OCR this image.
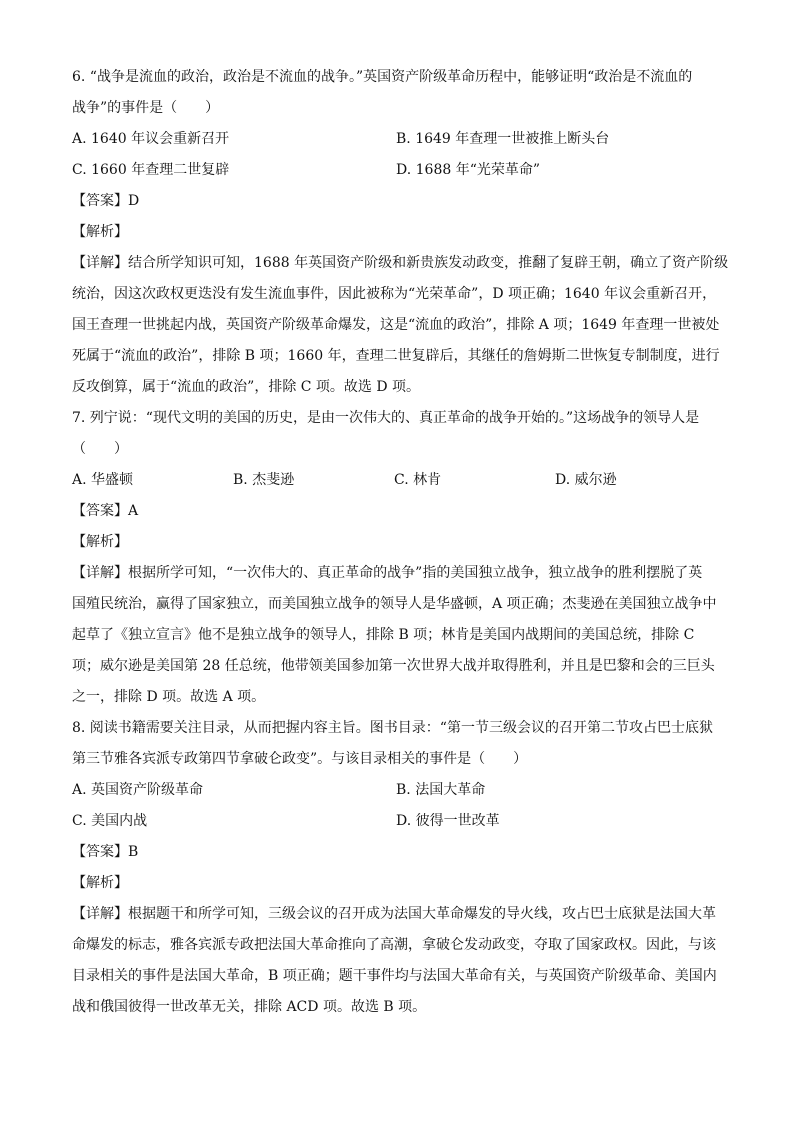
6. “战争是流血的政治，政治是不流血的战争。”英国资产阶级革命历程中，能够证明“政治是不流血的
战争”的事件是（　　）
A. 1640 年议会重新召开	B. 1649 年查理一世被推上断头台
C. 1660 年查理二世复辟	D. 1688 年“光荣革命”
【答案】D
【解析】
【详解】结合所学知识可知，1688 年英国资产阶级和新贵族发动政变，推翻了复辟王朝，确立了资产阶级
统治，因这次政权更迭没有发生流血事件，因此被称为“光荣革命”，D 项正确；1640 年议会重新召开，
国王查理一世挑起内战，英国资产阶级革命爆发，这是“流血的政治”，排除 A 项；1649 年查理一世被处
死属于“流血的政治”，排除 B 项；1660 年，查理二世复辟后，其继任的詹姆斯二世恢复专制制度，进行
反攻倒算，属于“流血的政治”，排除 C 项。故选 D 项。
7. 列宁说：“现代文明的美国的历史，是由一次伟大的、真正革命的战争开始的。”这场战争的领导人是
（　　）
A. 华盛顿	B. 杰斐逊	C. 林肯	D. 威尔逊
【答案】A
【解析】
【详解】根据所学可知，“一次伟大的、真正革命的战争”指的美国独立战争，独立战争的胜利摆脱了英
国殖民统治，赢得了国家独立，而美国独立战争的领导人是华盛顿，A 项正确；杰斐逊在美国独立战争中
起草了《独立宣言》他不是独立战争的领导人，排除 B 项；林肯是美国内战期间的美国总统，排除 C
项；威尔逊是美国第 28 任总统，他带领美国参加第一次世界大战并取得胜利，并且是巴黎和会的三巨头
之一，排除 D 项。故选 A 项。
8. 阅读书籍需要关注目录，从而把握内容主旨。图书目录：“第一节三级会议的召开第二节攻占巴士底狱
第三节雅各宾派专政第四节拿破仑政变”。与该目录相关的事件是（　　）
A. 英国资产阶级革命	B. 法国大革命
C. 美国内战	D. 彼得一世改革
【答案】B
【解析】
【详解】根据题干和所学可知，三级会议的召开成为法国大革命爆发的导火线，攻占巴士底狱是法国大革
命爆发的标志，雅各宾派专政把法国大革命推向了高潮，拿破仑发动政变，夺取了国家政权。因此，与该
目录相关的事件是法国大革命，B 项正确；题干事件均与法国大革命有关，与英国资产阶级革命、美国内
战和俄国彼得一世改革无关，排除 ACD 项。故选 B 项。
